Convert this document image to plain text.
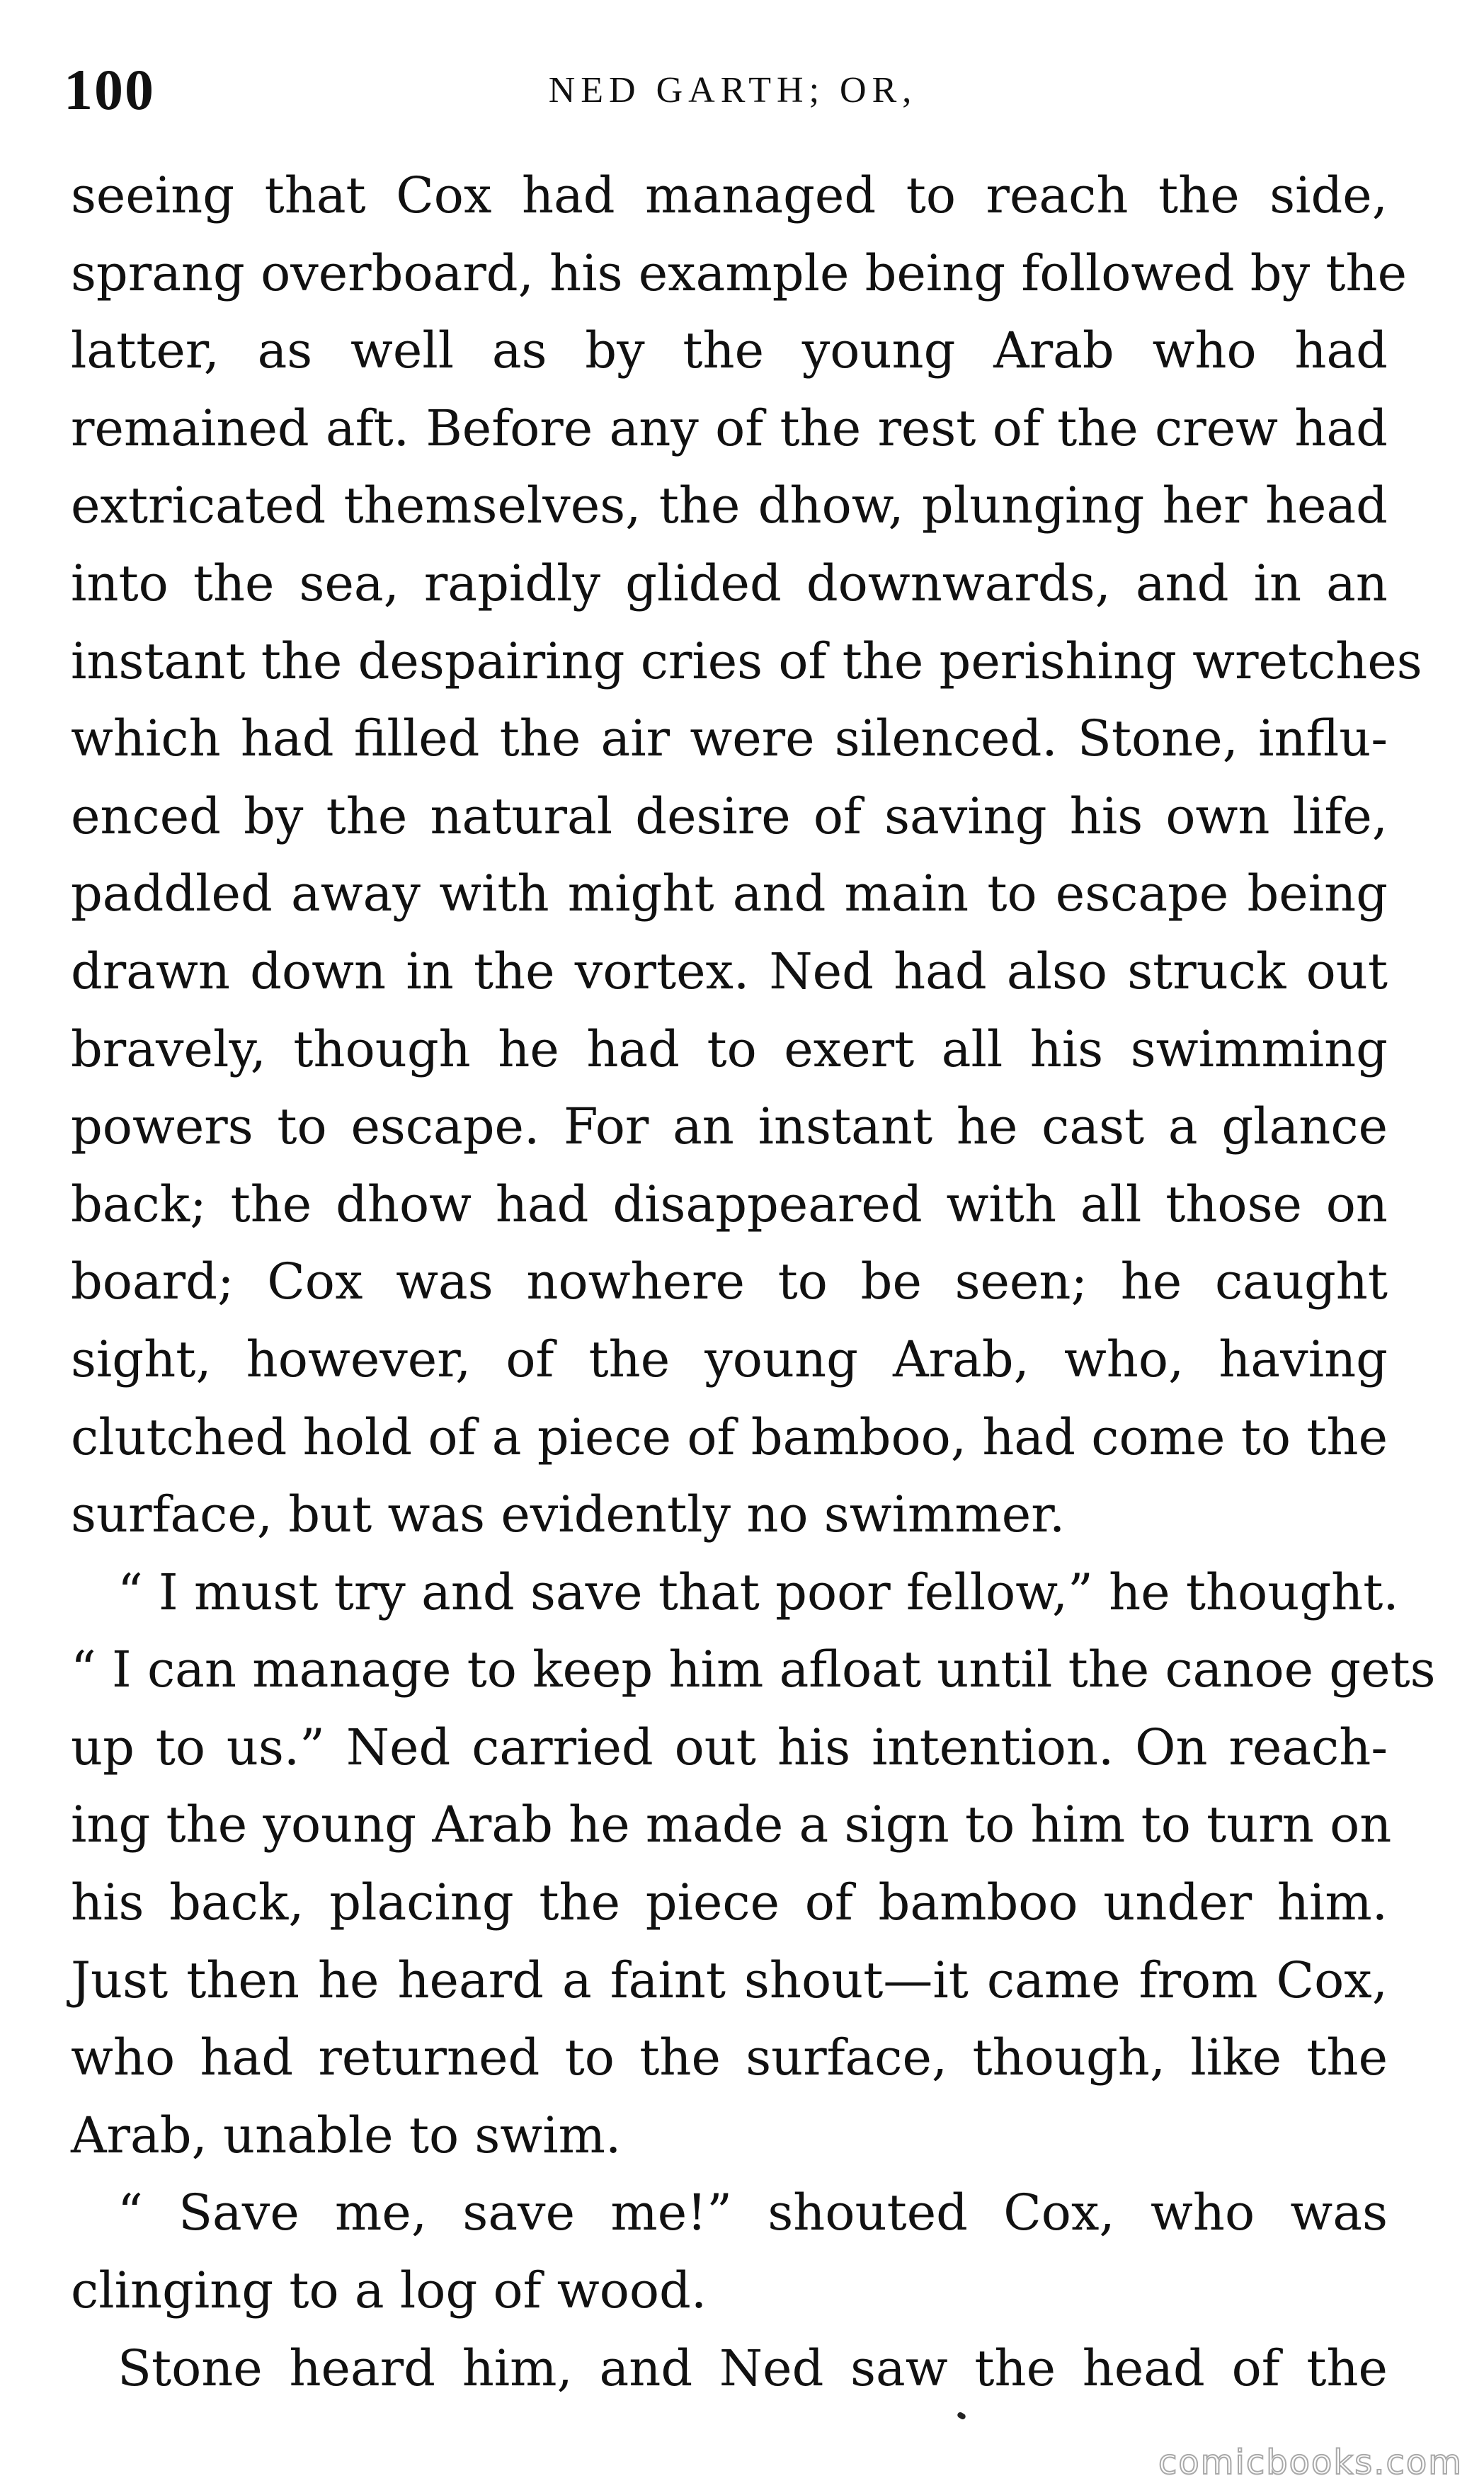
100	NED GARTH; OR,
seeing that Cox had managed to reach the side,
sprang overboard, his example being followed by the
latter, as well as by the young Arab who had
remained aft. Before any of the rest of the crew had
extricated themselves, the dhow, plunging her head
into the sea, rapidly glided downwards, and in an
instant the despairing cries of the perishing wretches
which had filled the air were silenced. Stone, influ-
enced by the natural desire of saving his own life,
paddled away with might and main to escape being
drawn down in the vortex. Ned had also struck out
bravely, though he had to exert all his swimming
powers to escape. For an instant he cast a glance
back; the dhow had disappeared with all those on
board; Cox was nowhere to be seen; he caught
sight, however, of the young Arab, who, having
clutched hold of a piece of bamboo, had come to the
surface, but was evidently no swimmer.
“ I must try and save that poor fellow,” he thought.
“ I can manage to keep him afloat until the canoe gets
up to us.” Ned carried out his intention. On reach-
ing the young Arab he made a sign to him to turn on
his back, placing the piece of bamboo under him.
Just then he heard a faint shout—it came from Cox,
who had returned to the surface, though, like the
Arab, unable to swim.
“ Save me, save me!” shouted Cox, who was
clinging to a log of wood.
Stone heard him, and Ned saw the head of the
comicbooks.com
